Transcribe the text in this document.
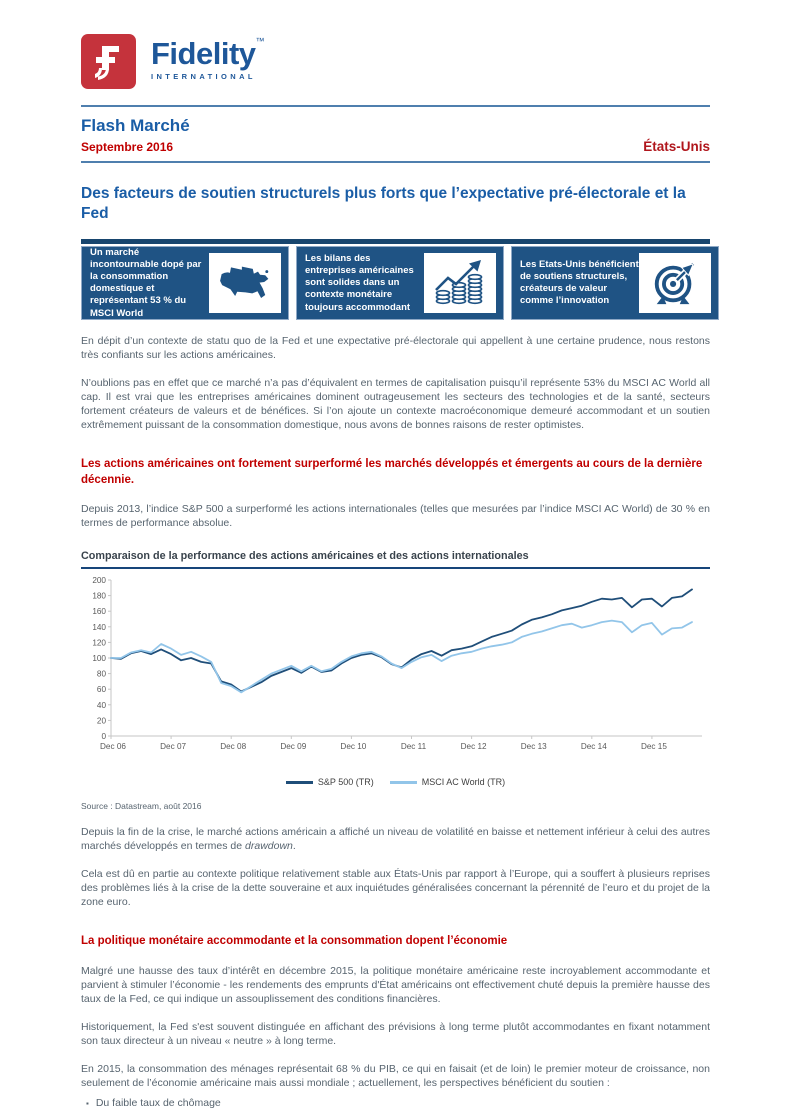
Fidelity™
INTERNATIONAL
Flash Marché
Septembre 2016	États-Unis
Des facteurs de soutien structurels plus forts que l’expectative pré-électorale et la Fed
Un marché incontournable dopé par la consommation domestique et représentant 53 % du MSCI World
Les bilans des entreprises américaines sont solides dans un contexte monétaire toujours accommodant
Les Etats-Unis bénéficient de soutiens structurels, créateurs de valeur comme l’innovation

En dépit d’un contexte de statu quo de la Fed et une expectative pré-électorale qui appellent à une certaine prudence, nous restons très confiants sur les actions américaines.

N’oublions pas en effet que ce marché n’a pas d’équivalent en termes de capitalisation puisqu’il représente 53% du MSCI AC World all cap. Il est vrai que les entreprises américaines dominent outrageusement les secteurs des technologies et de la santé, secteurs fortement créateurs de valeurs et de bénéfices. Si l’on ajoute un contexte macroéconomique demeuré accommodant et un soutien extrêmement puissant de la consommation domestique, nous avons de bonnes raisons de rester optimistes.

Les actions américaines ont fortement surperformé les marchés développés et émergents au cours de la dernière décennie.

Depuis 2013, l’indice S&P 500 a surperformé les actions internationales (telles que mesurées par l’indice MSCI AC World) de 30 % en termes de performance absolue.

Comparaison de la performance des actions américaines et des actions internationales
0
20
40
60
80
100
120
140
160
180
200
Dec 06	Dec 07	Dec 08	Dec 09	Dec 10	Dec 11	Dec 12	Dec 13	Dec 14	Dec 15
S&P 500 (TR)	MSCI AC World (TR)
Source : Datastream, août 2016

Depuis la fin de la crise, le marché actions américain a affiché un niveau de volatilité en baisse et nettement inférieur à celui des autres marchés développés en termes de drawdown.

Cela est dû en partie au contexte politique relativement stable aux États-Unis par rapport à l’Europe, qui a souffert à plusieurs reprises des problèmes liés à la crise de la dette souveraine et aux inquiétudes généralisées concernant la pérennité de l’euro et du projet de la zone euro.

La politique monétaire accommodante et la consommation dopent l’économie

Malgré une hausse des taux d’intérêt en décembre 2015, la politique monétaire américaine reste incroyablement accommodante et parvient à stimuler l’économie - les rendements des emprunts d'État américains ont effectivement chuté depuis la première hausse des taux de la Fed, ce qui indique un assouplissement des conditions financières.

Historiquement, la Fed s'est souvent distinguée en affichant des prévisions à long terme plutôt accommodantes en fixant notamment son taux directeur à un niveau « neutre » à long terme.

En 2015, la consommation des ménages représentait 68 % du PIB, ce qui en faisait (et de loin) le premier moteur de croissance, non seulement de l’économie américaine mais aussi mondiale ; actuellement, les perspectives bénéficient du soutien :

▪ Du faible taux de chômage
